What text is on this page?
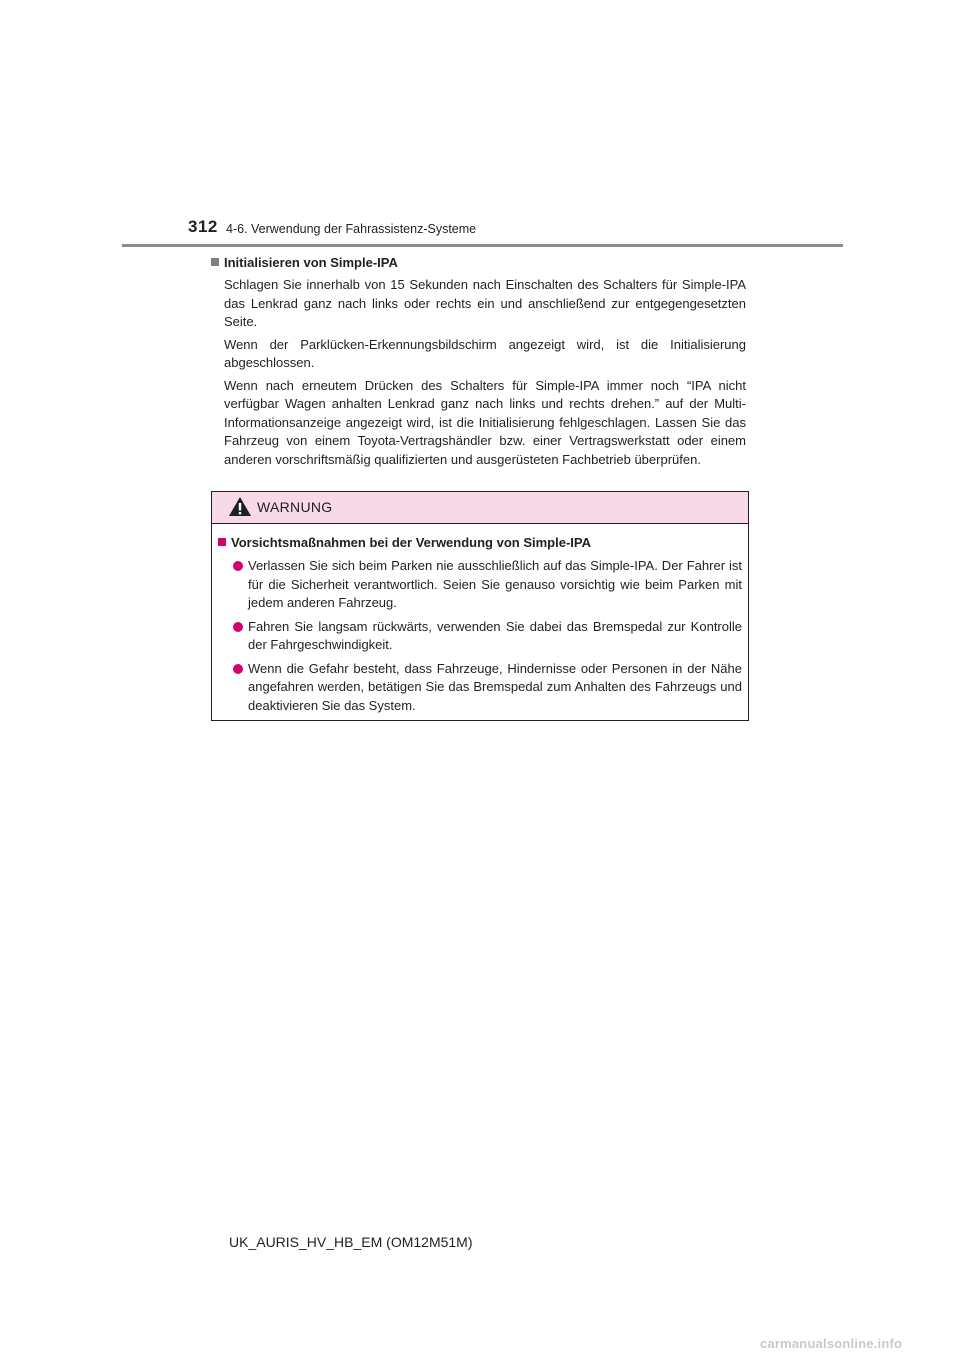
312 4-6. Verwendung der Fahrassistenz-Systeme

Initialisieren von Simple-IPA

Schlagen Sie innerhalb von 15 Sekunden nach Einschalten des Schalters für Simple-IPA das Lenkrad ganz nach links oder rechts ein und anschließend zur entgegengesetzten Seite.

Wenn der Parklücken-Erkennungsbildschirm angezeigt wird, ist die Initialisierung abgeschlossen.

Wenn nach erneutem Drücken des Schalters für Simple-IPA immer noch “IPA nicht verfügbar Wagen anhalten Lenkrad ganz nach links und rechts drehen.” auf der Multi-Informationsanzeige angezeigt wird, ist die Initialisierung fehlgeschlagen. Lassen Sie das Fahrzeug von einem Toyota-Vertragshändler bzw. einer Vertragswerkstatt oder einem anderen vorschriftsmäßig qualifizierten und ausgerüsteten Fachbetrieb überprüfen.

WARNUNG

Vorsichtsmaßnahmen bei der Verwendung von Simple-IPA

Verlassen Sie sich beim Parken nie ausschließlich auf das Simple-IPA. Der Fahrer ist für die Sicherheit verantwortlich. Seien Sie genauso vorsichtig wie beim Parken mit jedem anderen Fahrzeug.
Fahren Sie langsam rückwärts, verwenden Sie dabei das Bremspedal zur Kontrolle der Fahrgeschwindigkeit.
Wenn die Gefahr besteht, dass Fahrzeuge, Hindernisse oder Personen in der Nähe angefahren werden, betätigen Sie das Bremspedal zum Anhalten des Fahrzeugs und deaktivieren Sie das System.
UK_AURIS_HV_HB_EM (OM12M51M)
carmanualsonline.info
